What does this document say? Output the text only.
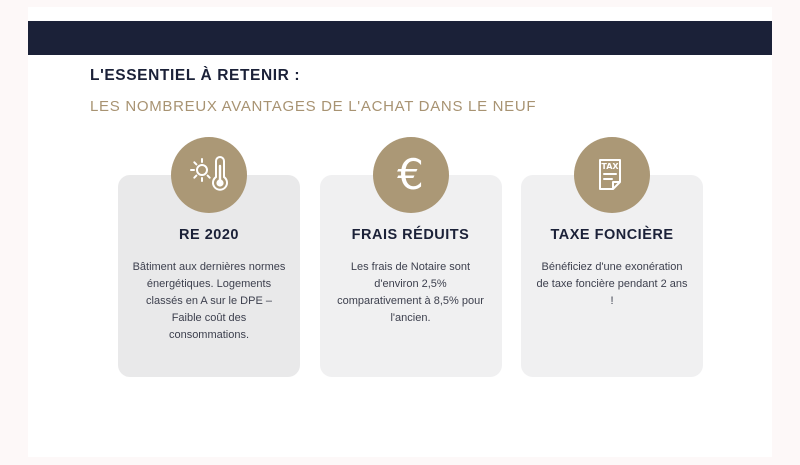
L'ESSENTIEL À RETENIR :

LES NOMBREUX AVANTAGES DE L'ACHAT DANS LE NEUF

RE 2020

Bâtiment aux dernières normes énergétiques. Logements classés en A sur le DPE – Faible coût des consommations.

€

FRAIS RÉDUITS

Les frais de Notaire sont d'environ 2,5% comparativement à 8,5% pour l'ancien.

TAX

TAXE FONCIÈRE

Bénéficiez d'une exonération de taxe foncière pendant 2 ans !
